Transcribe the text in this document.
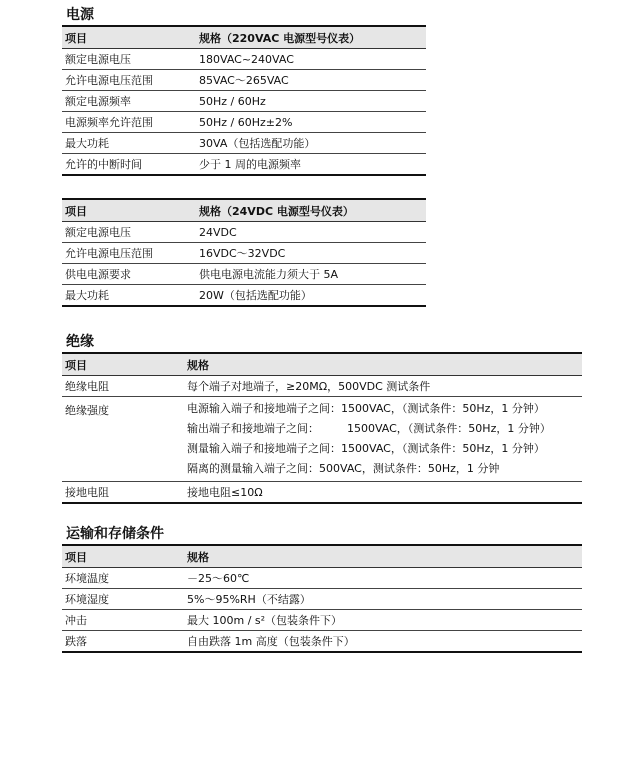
电源
项目	规格（220VAC 电源型号仪表）
额定电源电压	180VAC~240VAC
允许电源电压范围	85VAC～265VAC
额定电源频率	50Hz / 60Hz
电源频率允许范围	50Hz / 60Hz±2%
最大功耗	30VA（包括选配功能）
允许的中断时间	少于 1 周的电源频率
项目	规格（24VDC 电源型号仪表）
额定电源电压	24VDC
允许电源电压范围	16VDC～32VDC
供电电源要求	供电电源电流能力须大于 5A
最大功耗	20W（包括选配功能）
绝缘
项目	规格
绝缘电阻	每个端子对地端子，≥20MΩ，500VDC 测试条件
绝缘强度	电源输入端子和接地端子之间：1500VAC，（测试条件：50Hz，1 分钟）
输出端子和接地端子之间：        1500VAC，（测试条件：50Hz，1 分钟）
测量输入端子和接地端子之间：1500VAC，（测试条件：50Hz，1 分钟）
隔离的测量输入端子之间：500VAC，测试条件：50Hz，1 分钟

接地电阻	接地电阻≤10Ω
运输和存储条件
项目	规格
环境温度	－25～60℃
环境湿度	5%～95%RH（不结露）
冲击	最大 100m / s²（包装条件下）
跌落	自由跌落 1m 高度（包装条件下）
